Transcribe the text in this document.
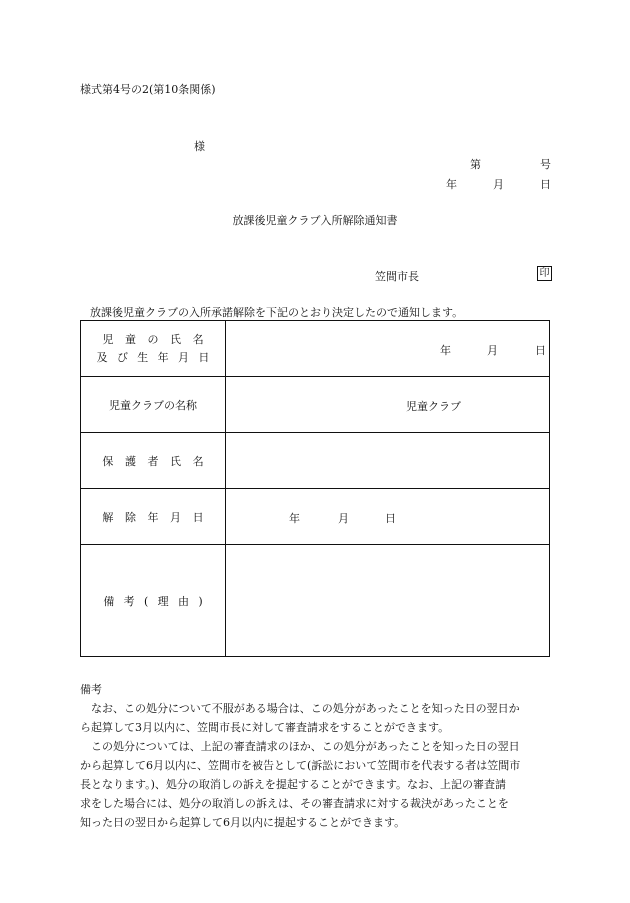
様式第4号の2(第10条関係)
様
第	号
年	月	日
放課後児童クラブ入所解除通知書
笠間市長	印
放課後児童クラブの入所承諾解除を下記のとおり決定したので通知します。
児童の氏名
及び生年月日	年 月 日

児童クラブの名称	児童クラブ

保護者氏名	
解除年月日	年 月 日

備考(理由)	
備考
なお、この処分について不服がある場合は、この処分があったことを知った日の翌日か
ら起算して3月以内に、笠間市長に対して審査請求をすることができます。
この処分については、上記の審査請求のほか、この処分があったことを知った日の翌日
から起算して6月以内に、笠間市を被告として(訴訟において笠間市を代表する者は笠間市
長となります。)、処分の取消しの訴えを提起することができます。なお、上記の審査請
求をした場合には、処分の取消しの訴えは、その審査請求に対する裁決があったことを
知った日の翌日から起算して6月以内に提起することができます。
